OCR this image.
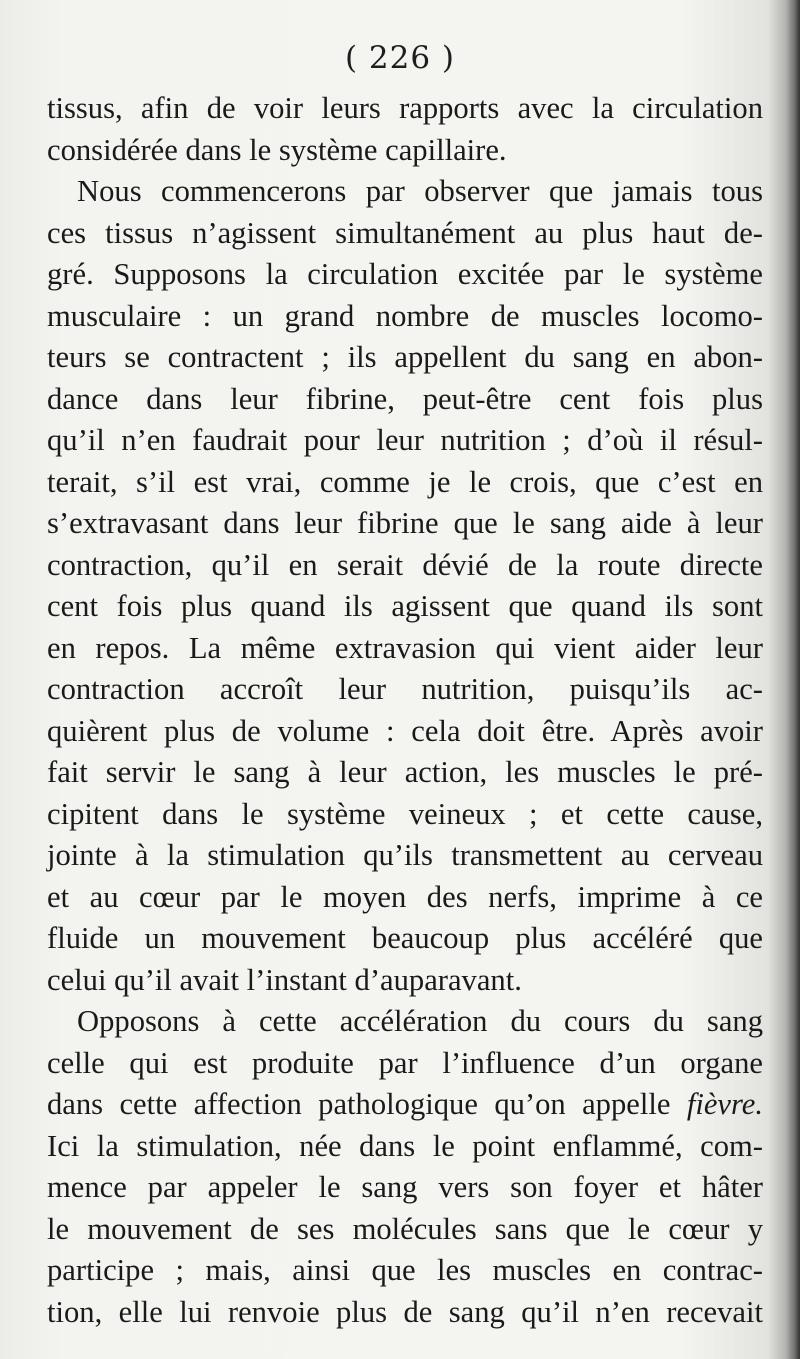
( 226 )
tissus, afin de voir leurs rapports avec la circulation
considérée dans le système capillaire.
Nous commencerons par observer que jamais tous
ces tissus n’agissent simultanément au plus haut de-
gré. Supposons la circulation excitée par le système
musculaire : un grand nombre de muscles locomo-
teurs se contractent ; ils appellent du sang en abon-
dance dans leur fibrine, peut-être cent fois plus
qu’il n’en faudrait pour leur nutrition ; d’où il résul-
terait, s’il est vrai, comme je le crois, que c’est en
s’extravasant dans leur fibrine que le sang aide à leur
contraction, qu’il en serait dévié de la route directe
cent fois plus quand ils agissent que quand ils sont
en repos. La même extravasion qui vient aider leur
contraction accroît leur nutrition, puisqu’ils ac-
quièrent plus de volume : cela doit être. Après avoir
fait servir le sang à leur action, les muscles le pré-
cipitent dans le système veineux ; et cette cause,
jointe à la stimulation qu’ils transmettent au cerveau
et au cœur par le moyen des nerfs, imprime à ce
fluide un mouvement beaucoup plus accéléré que
celui qu’il avait l’instant d’auparavant.
Opposons à cette accélération du cours du sang
celle qui est produite par l’influence d’un organe
dans cette affection pathologique qu’on appelle fièvre.
Ici la stimulation, née dans le point enflammé, com-
mence par appeler le sang vers son foyer et hâter
le mouvement de ses molécules sans que le cœur y
participe ; mais, ainsi que les muscles en contrac-
tion, elle lui renvoie plus de sang qu’il n’en recevait
